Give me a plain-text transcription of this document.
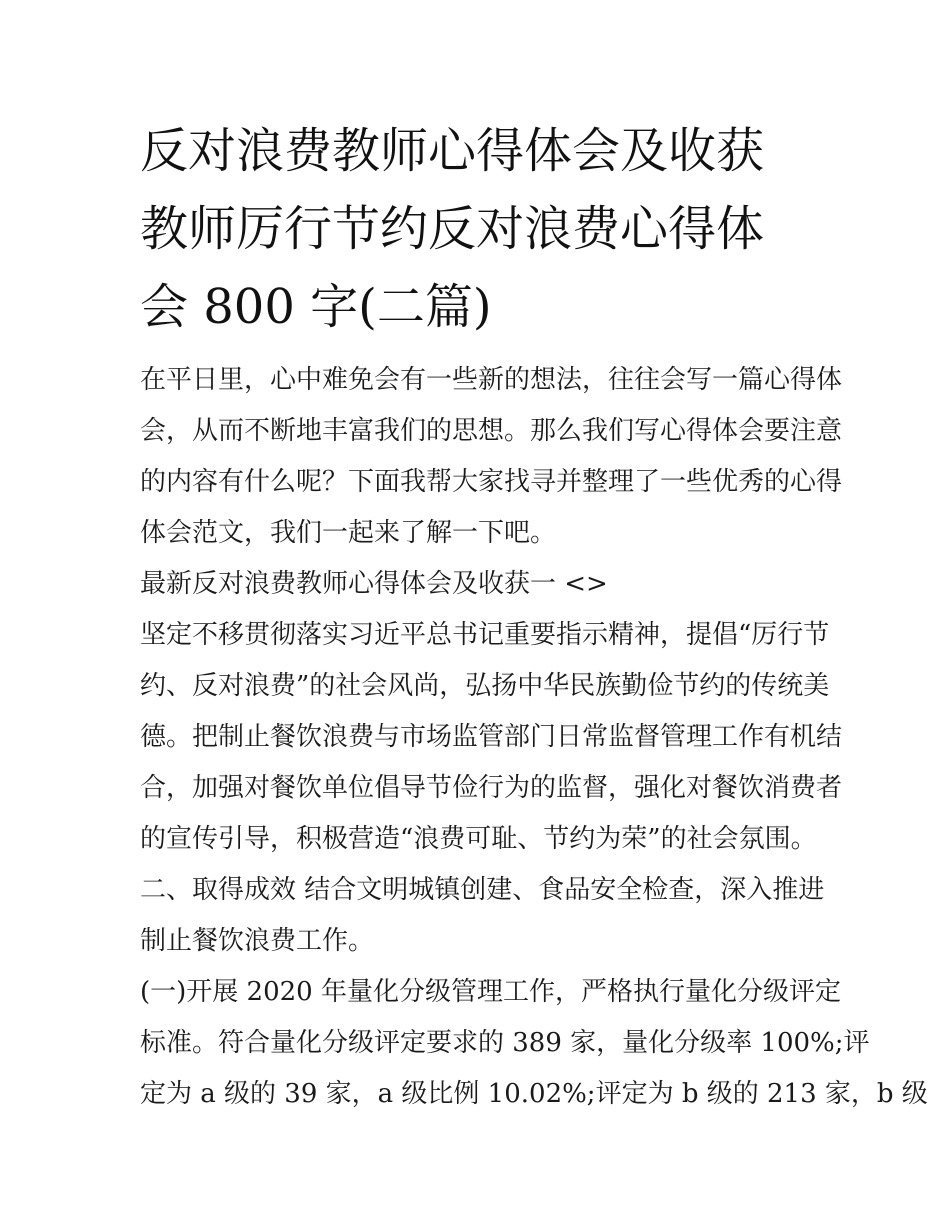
反对浪费教师心得体会及收获
教师厉行节约反对浪费心得体
会 800 字(二篇)

在平日里，心中难免会有一些新的想法，往往会写一篇心得体

会，从而不断地丰富我们的思想。那么我们写心得体会要注意

的内容有什么呢？下面我帮大家找寻并整理了一些优秀的心得

体会范文，我们一起来了解一下吧。

最新反对浪费教师心得体会及收获一 <>

坚定不移贯彻落实习近平总书记重要指示精神，提倡“厉行节

约、反对浪费”的社会风尚，弘扬中华民族勤俭节约的传统美

德。把制止餐饮浪费与市场监管部门日常监督管理工作有机结

合，加强对餐饮单位倡导节俭行为的监督，强化对餐饮消费者

的宣传引导，积极营造“浪费可耻、节约为荣”的社会氛围。

二、取得成效 结合文明城镇创建、食品安全检查，深入推进

制止餐饮浪费工作。

(一)开展 2020 年量化分级管理工作，严格执行量化分级评定

标准。符合量化分级评定要求的 389 家，量化分级率 100%;评

定为 a 级的 39 家，a 级比例 10.02%;评定为 b 级的 213 家，b 级
